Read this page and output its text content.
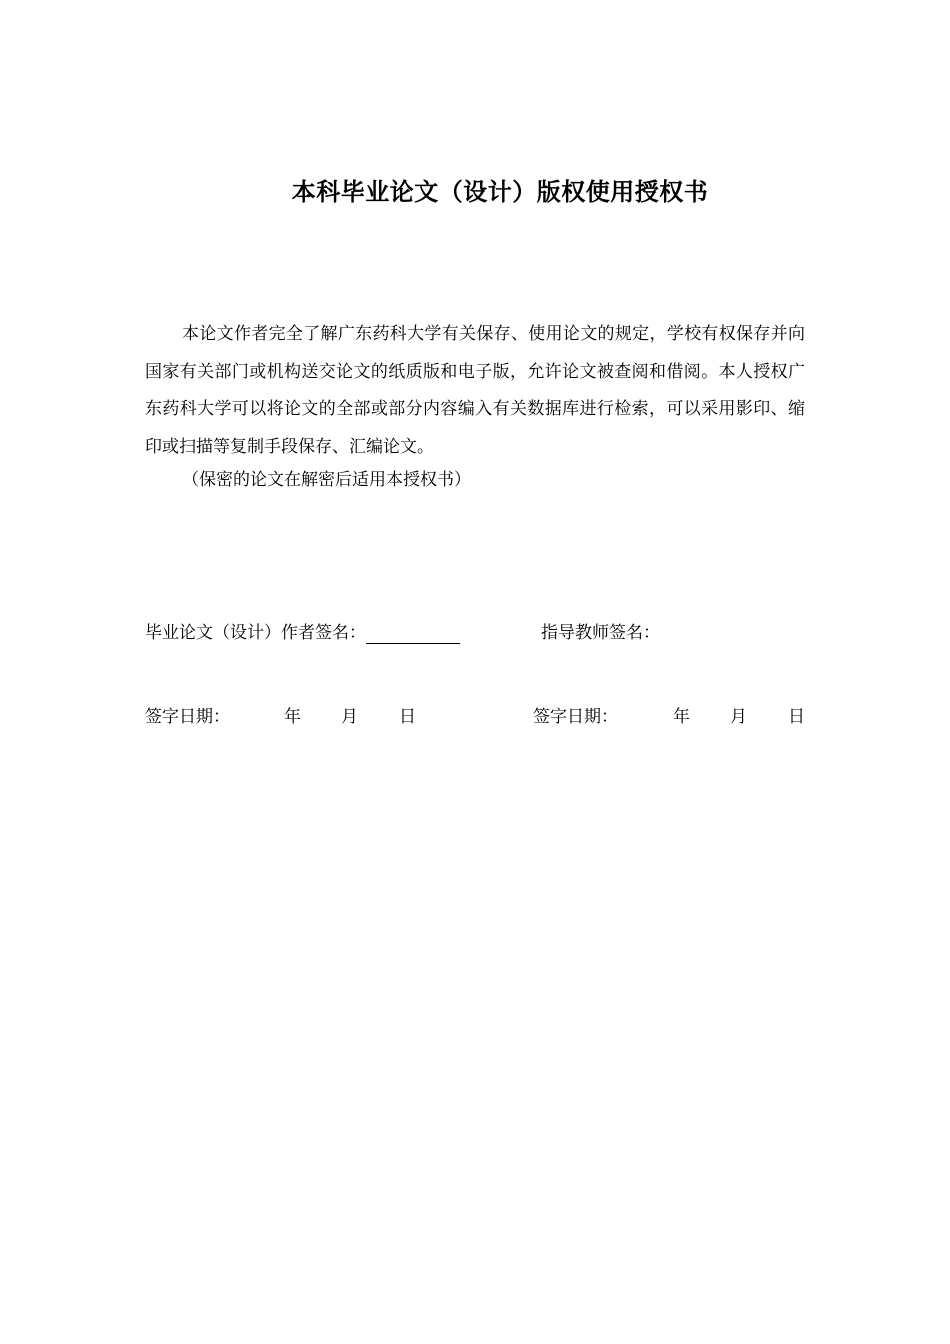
本科毕业论文（设计）版权使用授权书
本论文作者完全了解广东药科大学有关保存、使用论文的规定，学校有权保存并向国家有关部门或机构送交论文的纸质版和电子版，允许论文被查阅和借阅。本人授权广东药科大学可以将论文的全部或部分内容编入有关数据库进行检索，可以采用影印、缩印或扫描等复制手段保存、汇编论文。
（保密的论文在解密后适用本授权书）
毕业论文（设计）作者签名：	指导教师签名：
签字日期：	年 月 日	签字日期：	年 月 日
